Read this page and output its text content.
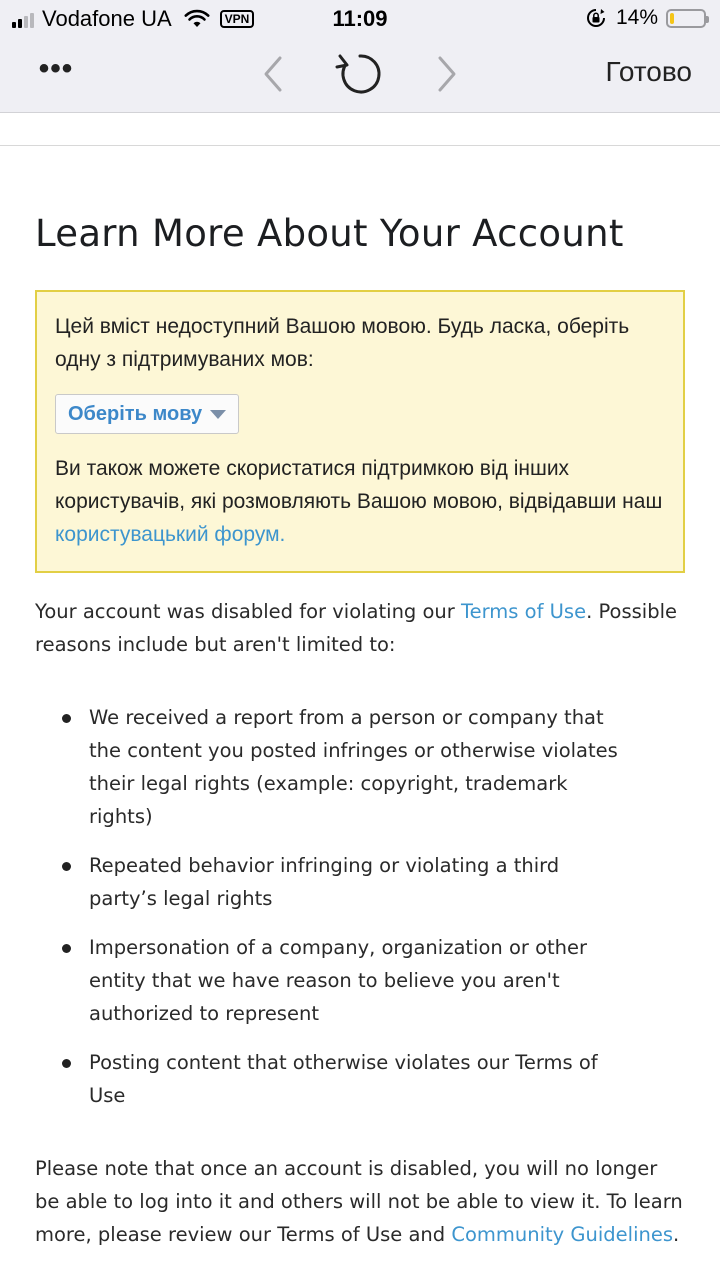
Vodafone UA	VPN	11:09	14%
•••	Готово
Learn More About Your Account

Цей вміст недоступний Вашою мовою. Будь ласка, оберіть одну з підтримуваних мов:

Оберіть мову

Ви також можете скористатися підтримкою від інших користувачів, які розмовляють Вашою мовою, відвідавши наш користувацький форум.

Your account was disabled for violating our Terms of Use. Possible reasons include but aren't limited to:
We received a report from a person or company that the content you posted infringes or otherwise violates their legal rights (example: copyright, trademark rights)
Repeated behavior infringing or violating a third party’s legal rights
Impersonation of a company, organization or other entity that we have reason to believe you aren't authorized to represent
Posting content that otherwise violates our Terms of Use
Please note that once an account is disabled, you will no longer be able to log into it and others will not be able to view it. To learn more, please review our Terms of Use and Community Guidelines.
